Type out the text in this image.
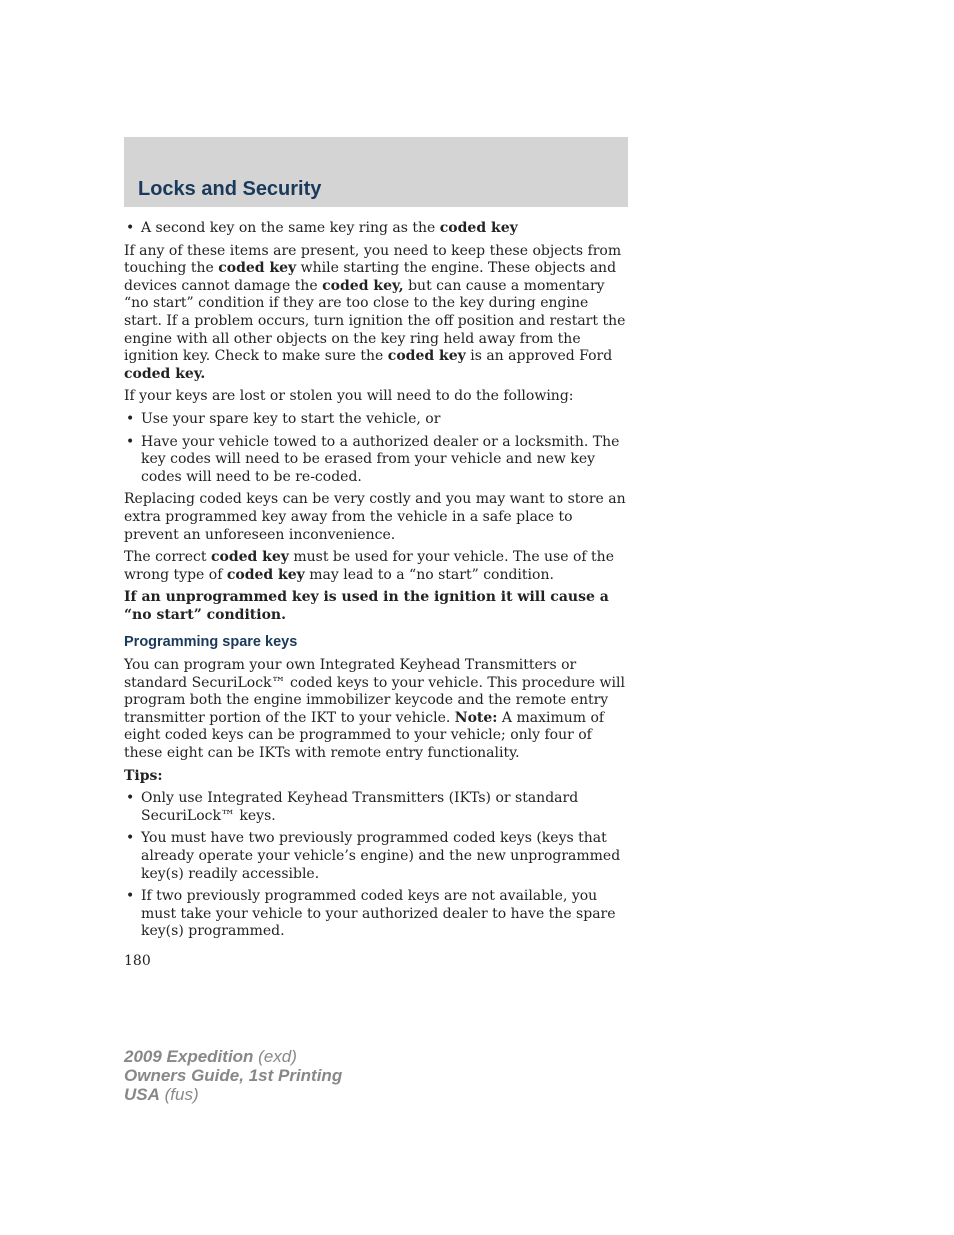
Locks and Security
• A second key on the same key ring as the coded key

If any of these items are present, you need to keep these objects from touching the coded key while starting the engine. These objects and devices cannot damage the coded key, but can cause a momentary “no start” condition if they are too close to the key during engine start. If a problem occurs, turn ignition the off position and restart the engine with all other objects on the key ring held away from the ignition key. Check to make sure the coded key is an approved Ford coded key.

If your keys are lost or stolen you will need to do the following:

• Use your spare key to start the vehicle, or
• Have your vehicle towed to a authorized dealer or a locksmith. The key codes will need to be erased from your vehicle and new key codes will need to be re-coded.

Replacing coded keys can be very costly and you may want to store an extra programmed key away from the vehicle in a safe place to prevent an unforeseen inconvenience.

The correct coded key must be used for your vehicle. The use of the wrong type of coded key may lead to a “no start” condition.

If an unprogrammed key is used in the ignition it will cause a “no start” condition.

Programming spare keys

You can program your own Integrated Keyhead Transmitters or standard SecuriLock™ coded keys to your vehicle. This procedure will program both the engine immobilizer keycode and the remote entry transmitter portion of the IKT to your vehicle. Note: A maximum of eight coded keys can be programmed to your vehicle; only four of these eight can be IKTs with remote entry functionality.

Tips:

• Only use Integrated Keyhead Transmitters (IKTs) or standard SecuriLock™ keys.
• You must have two previously programmed coded keys (keys that already operate your vehicle’s engine) and the new unprogrammed key(s) readily accessible.
• If two previously programmed coded keys are not available, you must take your vehicle to your authorized dealer to have the spare key(s) programmed.
180
2009 Expedition (exd)
Owners Guide, 1st Printing
USA (fus)
